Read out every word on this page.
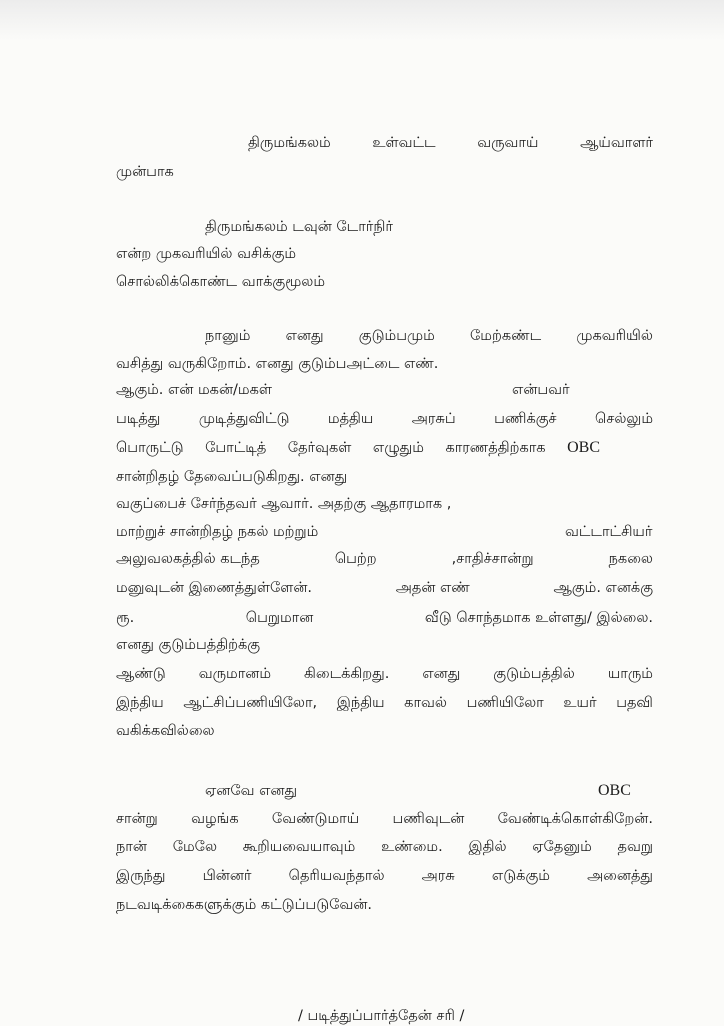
திருமங்கலம்	உள்வட்ட	வருவாய்	ஆய்வாளர்
முன்பாக
திருமங்கலம் டவுன் டோர்நிர்
என்ற முகவரியில் வசிக்கும்
சொல்லிக்கொண்ட வாக்குமூலம்
நானும் எனது குடும்பமும் மேற்கண்ட முகவரியில்
வசித்து வருகிறோம். எனது குடும்பஅட்டை எண்.
ஆகும். என் மகன்/மகள்	என்பவர்
படித்து	முடித்துவிட்டு	மத்திய	அரசுப்	பணிக்குச்	செல்லும்
பொருட்டு போட்டித் தேர்வுகள் எழுதும் காரணத்திற்காக OBC
சான்றிதழ் தேவைப்படுகிறது. எனது
வகுப்பைச் சேர்ந்தவர் ஆவார். அதற்கு ஆதாரமாக ,
மாற்றுச் சான்றிதழ் நகல் மற்றும்	வட்டாட்சியர்
அலுவலகத்தில் கடந்த	பெற்ற	,சாதிச்சான்று	நகலை
மனுவுடன் இணைத்துள்ளேன்.	அதன் எண்	ஆகும். எனக்கு
ரூ.	பெறுமான	வீடு சொந்தமாக உள்ளது/ இல்லை.
எனது குடும்பத்திற்க்கு
ஆண்டு வருமானம் கிடைக்கிறது. எனது குடும்பத்தில் யாரும்
இந்திய ஆட்சிப்பணியிலோ, இந்திய காவல் பணியிலோ உயர் பதவி
வகிக்கவில்லை
ஏனவே எனது	OBC
சான்று வழங்க வேண்டுமாய் பணிவுடன் வேண்டிக்கொள்கிறேன்.
நான் மேலே கூறியவையாவும் உண்மை. இதில் ஏதேனும் தவறு
இருந்து	பின்னர்	தெரியவந்தால்	அரசு	எடுக்கும்	அனைத்து
நடவடிக்கைகளுக்கும் கட்டுப்படுவேன்.
/ படித்துப்பார்த்தேன் சரி /
